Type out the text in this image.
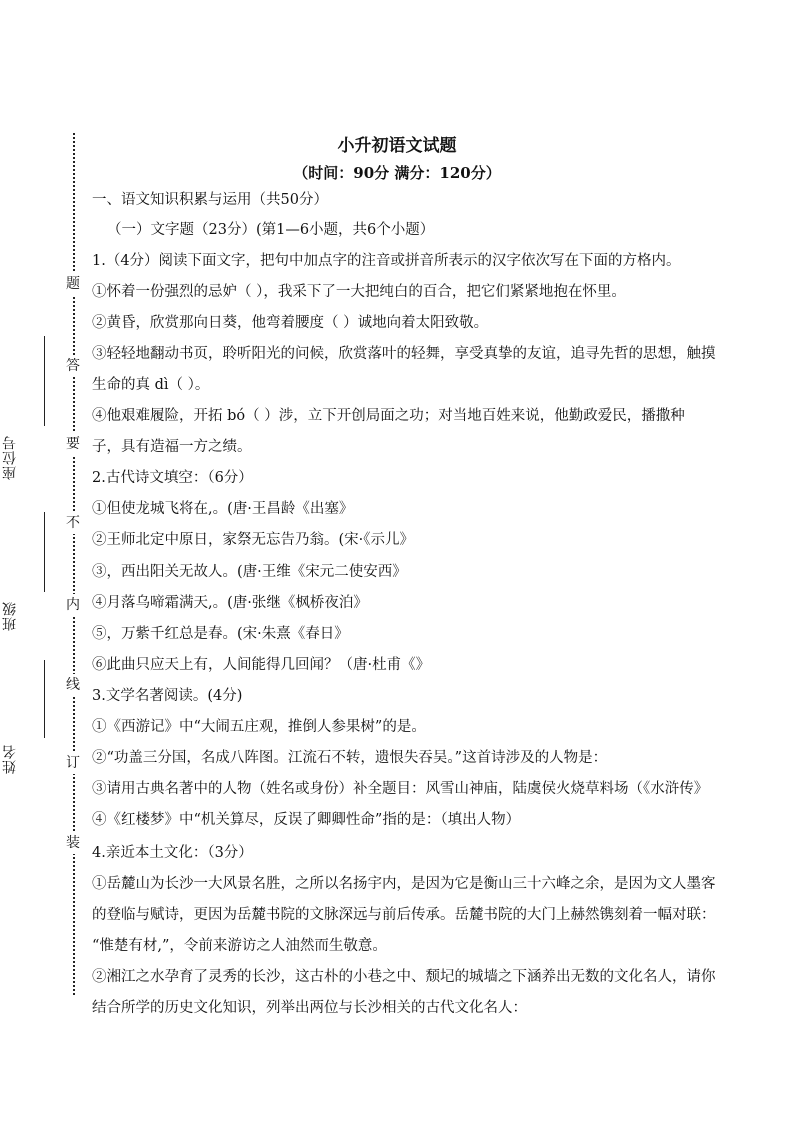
题
答
要
不
内
线
订
装
座位号
班级
姓名
小升初语文试题
（时间：90分 满分：120分）
一、语文知识积累与运用（共50分）
（一）文字题（23分）(第1—6小题，共6个小题）
1.（4分）阅读下面文字，把句中加点字的注音或拼音所表示的汉字依次写在下面的方格内。
①怀着一份强烈的忌妒（ ），我采下了一大把纯白的百合，把它们紧紧地抱在怀里。
②黄昏，欣赏那向日葵，他弯着腰度（ ）诚地向着太阳致敬。
③轻轻地翻动书页，聆听阳光的问候，欣赏落叶的轻舞，享受真挚的友谊，追寻先哲的思想，触摸
生命的真 dì（ ）。
④他艰难履险，开拓 bó（ ）涉，立下开创局面之功；对当地百姓来说，他勤政爱民，播撒种
子，具有造福一方之绩。
2.古代诗文填空：（6分）
①但使龙城飞将在,。(唐·王昌龄《出塞》
②王师北定中原日，家祭无忘告乃翁。(宋·《示儿》
③，西出阳关无故人。(唐·王维《宋元二使安西》
④月落乌啼霜满天,。(唐·张继《枫桥夜泊》
⑤，万紫千红总是春。(宋·朱熹《春日》
⑥此曲只应天上有，人间能得几回闻？（唐·杜甫《》
3.文学名著阅读。(4分)
①《西游记》中“大闹五庄观，推倒人参果树”的是。
②“功盖三分国，名成八阵图。江流石不转，遗恨失吞吴。”这首诗涉及的人物是：
③请用古典名著中的人物（姓名或身份）补全题目：风雪山神庙，陆虞侯火烧草料场（《水浒传》
④《红楼梦》中“机关算尽，反误了卿卿性命”指的是：（填出人物）
4.亲近本土文化：（3分）
①岳麓山为长沙一大风景名胜，之所以名扬宇内，是因为它是衡山三十六峰之余，是因为文人墨客
的登临与赋诗，更因为岳麓书院的文脉深远与前后传承。岳麓书院的大门上赫然镌刻着一幅对联：
“惟楚有材,”，令前来游访之人油然而生敬意。
②湘江之水孕育了灵秀的长沙，这古朴的小巷之中、颓圮的城墙之下涵养出无数的文化名人，请你
结合所学的历史文化知识，列举出两位与长沙相关的古代文化名人：
